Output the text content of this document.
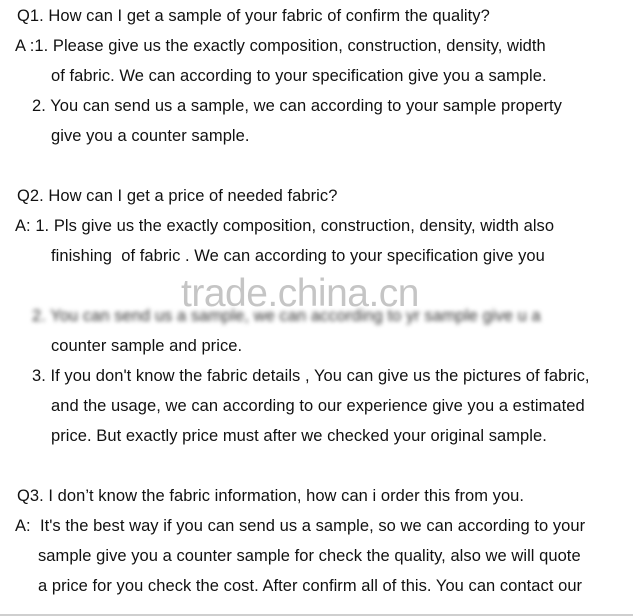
Q1. How can I get a sample of your fabric of confirm the quality?
A :1. Please give us the exactly composition, construction, density, width
of fabric. We can according to your specification give you a sample.
2. You can send us a sample, we can according to your sample property
give you a counter sample.
Q2. How can I get a price of needed fabric?
A: 1. Pls give us the exactly composition, construction, density, width also
finishing  of fabric . We can according to your specification give you
2. You can send us a sample, we can according to yr sample give u a
counter sample and price.
3. If you don't know the fabric details , You can give us the pictures of fabric,
and the usage, we can according to our experience give you a estimated
price. But exactly price must after we checked your original sample.
Q3. I don’t know the fabric information, how can i order this from you.
A:  It's the best way if you can send us a sample, so we can according to your
sample give you a counter sample for check the quality, also we will quote
a price for you check the cost. After confirm all of this. You can contact our
trade.china.cn
